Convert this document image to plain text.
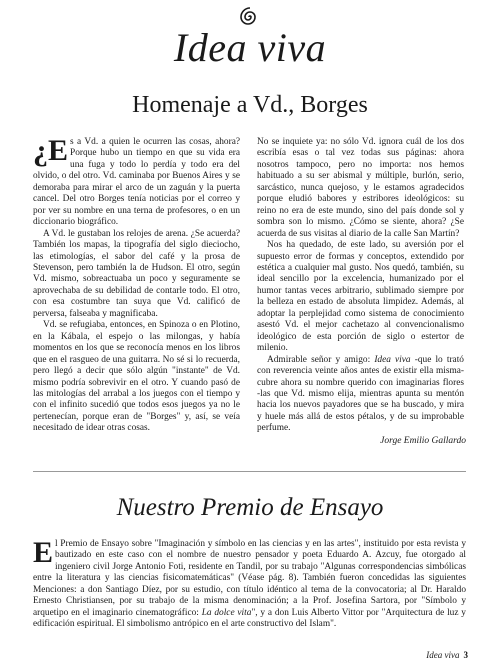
Idea viva
Homenaje a Vd., Borges

¿E s a Vd. a quien le ocurren las cosas, ahora? Porque hubo un tiempo en que su vida era una fuga y todo lo perdía y todo era del olvido, o del otro. Vd. caminaba por Buenos Aires y se demoraba para mirar el arco de un zaguán y la puerta cancel. Del otro Borges tenía noticias por el correo y por ver su nombre en una terna de profesores, o en un diccionario biográfico.

A Vd. le gustaban los relojes de arena. ¿Se acuerda? También los mapas, la tipografía del siglo dieciocho, las etimologías, el sabor del café y la prosa de Stevenson, pero también la de Hudson. El otro, según Vd. mismo, sobreactuaba un poco y seguramente se aprovechaba de su debilidad de contarle todo. El otro, con esa costumbre tan suya que Vd. calificó de perversa, falseaba y magnificaba.

Vd. se refugiaba, entonces, en Spinoza o en Plotino, en la Kábala, el espejo o las milongas, y había momentos en los que se reconocía menos en los libros que en el rasgueo de una guitarra. No sé si lo recuerda, pero llegó a decir que sólo algún "instante" de Vd. mismo podría sobrevivir en el otro. Y cuando pasó de las mitologías del arrabal a los juegos con el tiempo y con el infinito sucedió que todos esos juegos ya no le pertenecían, porque eran de "Borges" y, así, se veía necesitado de idear otras cosas.

No se inquiete ya: no sólo Vd. ignora cuál de los dos escribía esas o tal vez todas sus páginas: ahora nosotros tampoco, pero no importa: nos hemos habituado a su ser abismal y múltiple, burlón, serio, sarcástico, nunca quejoso, y le estamos agradecidos porque eludió babores y estribores ideológicos: su reino no era de este mundo, sino del país donde sol y sombra son lo mismo. ¿Cómo se siente, ahora? ¿Se acuerda de sus visitas al diario de la calle San Martín?

Nos ha quedado, de este lado, su aversión por el supuesto error de formas y conceptos, extendido por estética a cualquier mal gusto. Nos quedó, también, su ideal sencillo por la excelencia, humanizado por el humor tantas veces arbitrario, sublimado siempre por la belleza en estado de absoluta limpidez. Además, al adoptar la perplejidad como sistema de conocimiento asestó Vd. el mejor cachetazo al convencionalismo ideológico de esta porción de siglo o estertor de milenio.

Admirable señor y amigo: Idea viva -que lo trató con reverencia veinte años antes de existir ella misma- cubre ahora su nombre querido con imaginarias flores -las que Vd. mismo elija, mientras apunta su mentón hacia los nuevos payadores que se ha buscado, y mira y huele más allá de estos pétalos, y de su improbable perfume.

Jorge Emilio Gallardo
Nuestro Premio de Ensayo

El Premio de Ensayo sobre "Imaginación y símbolo en las ciencias y en las artes", instituido por esta revista y bautizado en este caso con el nombre de nuestro pensador y poeta Eduardo A. Azcuy, fue otorgado al ingeniero civil Jorge Antonio Foti, residente en Tandil, por su trabajo "Algunas correspondencias simbólicas entre la literatura y las ciencias fisicomatemáticas" (Véase pág. 8). También fueron concedidas las siguientes Menciones: a don Santiago Díez, por su estudio, con título idéntico al tema de la convocatoria; al Dr. Haraldo Ernesto Christiansen, por su trabajo de la misma denominación; a la Prof. Josefina Sartora, por "Símbolo y arquetipo en el imaginario cinematográfico: La dolce vita", y a don Luis Alberto Vittor por "Arquitectura de luz y edificación espiritual. El simbolismo antrópico en el arte constructivo del Islam".

Idea viva 3
